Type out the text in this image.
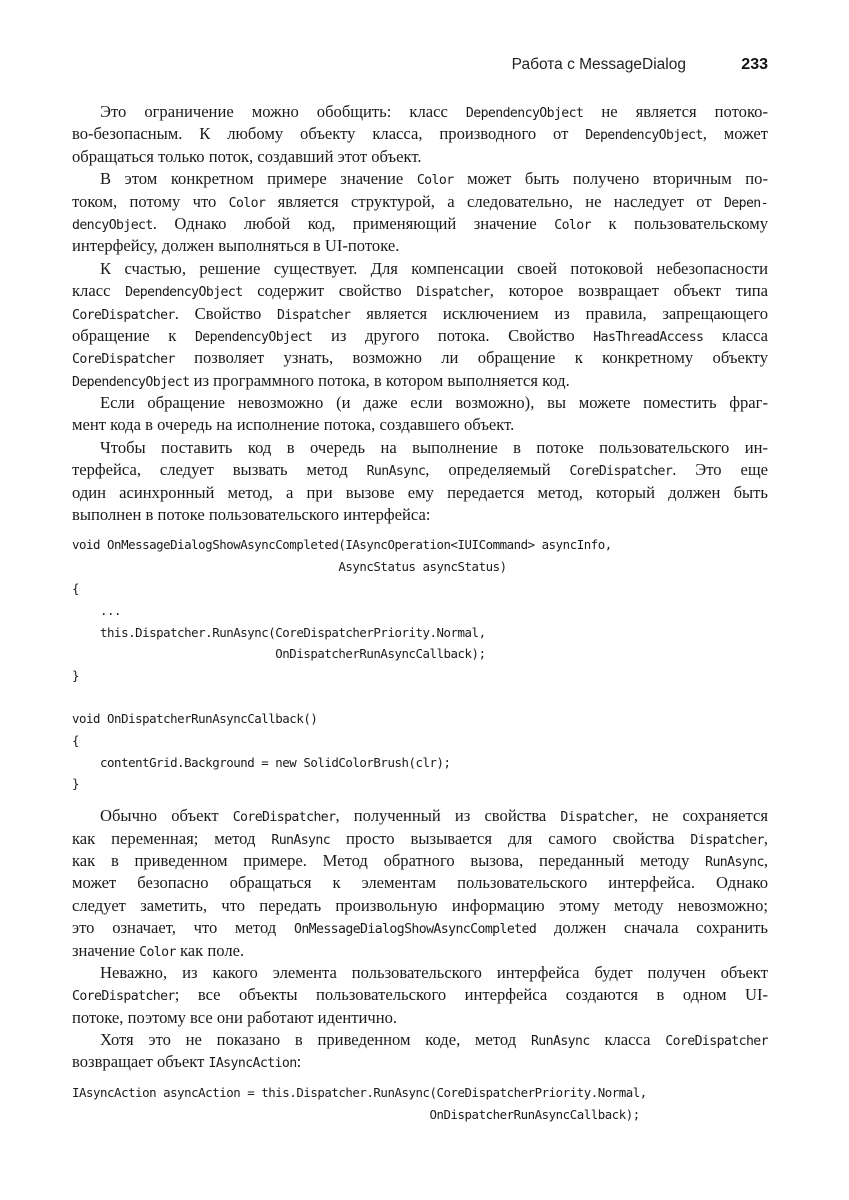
Работа с MessageDialog	233
Это ограничение можно обобщить: класс DependencyObject не является потоко-
во-безопасным. К любому объекту класса, производного от DependencyObject, может
обращаться только поток, создавший этот объект.
В этом конкретном примере значение Color может быть получено вторичным по-
током, потому что Color является структурой, а следовательно, не наследует от Depen-
dencyObject. Однако любой код, применяющий значение Color к пользовательскому
интерфейсу, должен выполняться в UI-потоке.
К счастью, решение существует. Для компенсации своей потоковой небезопасности
класс DependencyObject содержит свойство Dispatcher, которое возвращает объект типа
CoreDispatcher. Свойство Dispatcher является исключением из правила, запрещающего
обращение к DependencyObject из другого потока. Свойство HasThreadAccess класса
CoreDispatcher позволяет узнать, возможно ли обращение к конкретному объекту
DependencyObject из программного потока, в котором выполняется код.
Если обращение невозможно (и даже если возможно), вы можете поместить фраг-
мент кода в очередь на исполнение потока, создавшего объект.
Чтобы поставить код в очередь на выполнение в потоке пользовательского ин-
терфейса, следует вызвать метод RunAsync, определяемый CoreDispatcher. Это еще
один асинхронный метод, а при вызове ему передается метод, который должен быть
выполнен в потоке пользовательского интерфейса:
void OnMessageDialogShowAsyncCompleted(IAsyncOperation<IUICommand> asyncInfo,
AsyncStatus asyncStatus)
{
...
this.Dispatcher.RunAsync(CoreDispatcherPriority.Normal,
OnDispatcherRunAsyncCallback);
}
void OnDispatcherRunAsyncCallback()
{
contentGrid.Background = new SolidColorBrush(clr);
}
Обычно объект CoreDispatcher, полученный из свойства Dispatcher, не сохраняется
как переменная; метод RunAsync просто вызывается для самого свойства Dispatcher,
как в приведенном примере. Метод обратного вызова, переданный методу RunAsync,
может безопасно обращаться к элементам пользовательского интерфейса. Однако
следует заметить, что передать произвольную информацию этому методу невозможно;
это означает, что метод OnMessageDialogShowAsyncCompleted должен сначала сохранить
значение Color как поле.
Неважно, из какого элемента пользовательского интерфейса будет получен объект
CoreDispatcher; все объекты пользовательского интерфейса создаются в одном UI-
потоке, поэтому все они работают идентично.
Хотя это не показано в приведенном коде, метод RunAsync класса CoreDispatcher
возвращает объект IAsyncAction:
IAsyncAction asyncAction = this.Dispatcher.RunAsync(CoreDispatcherPriority.Normal,
OnDispatcherRunAsyncCallback);
